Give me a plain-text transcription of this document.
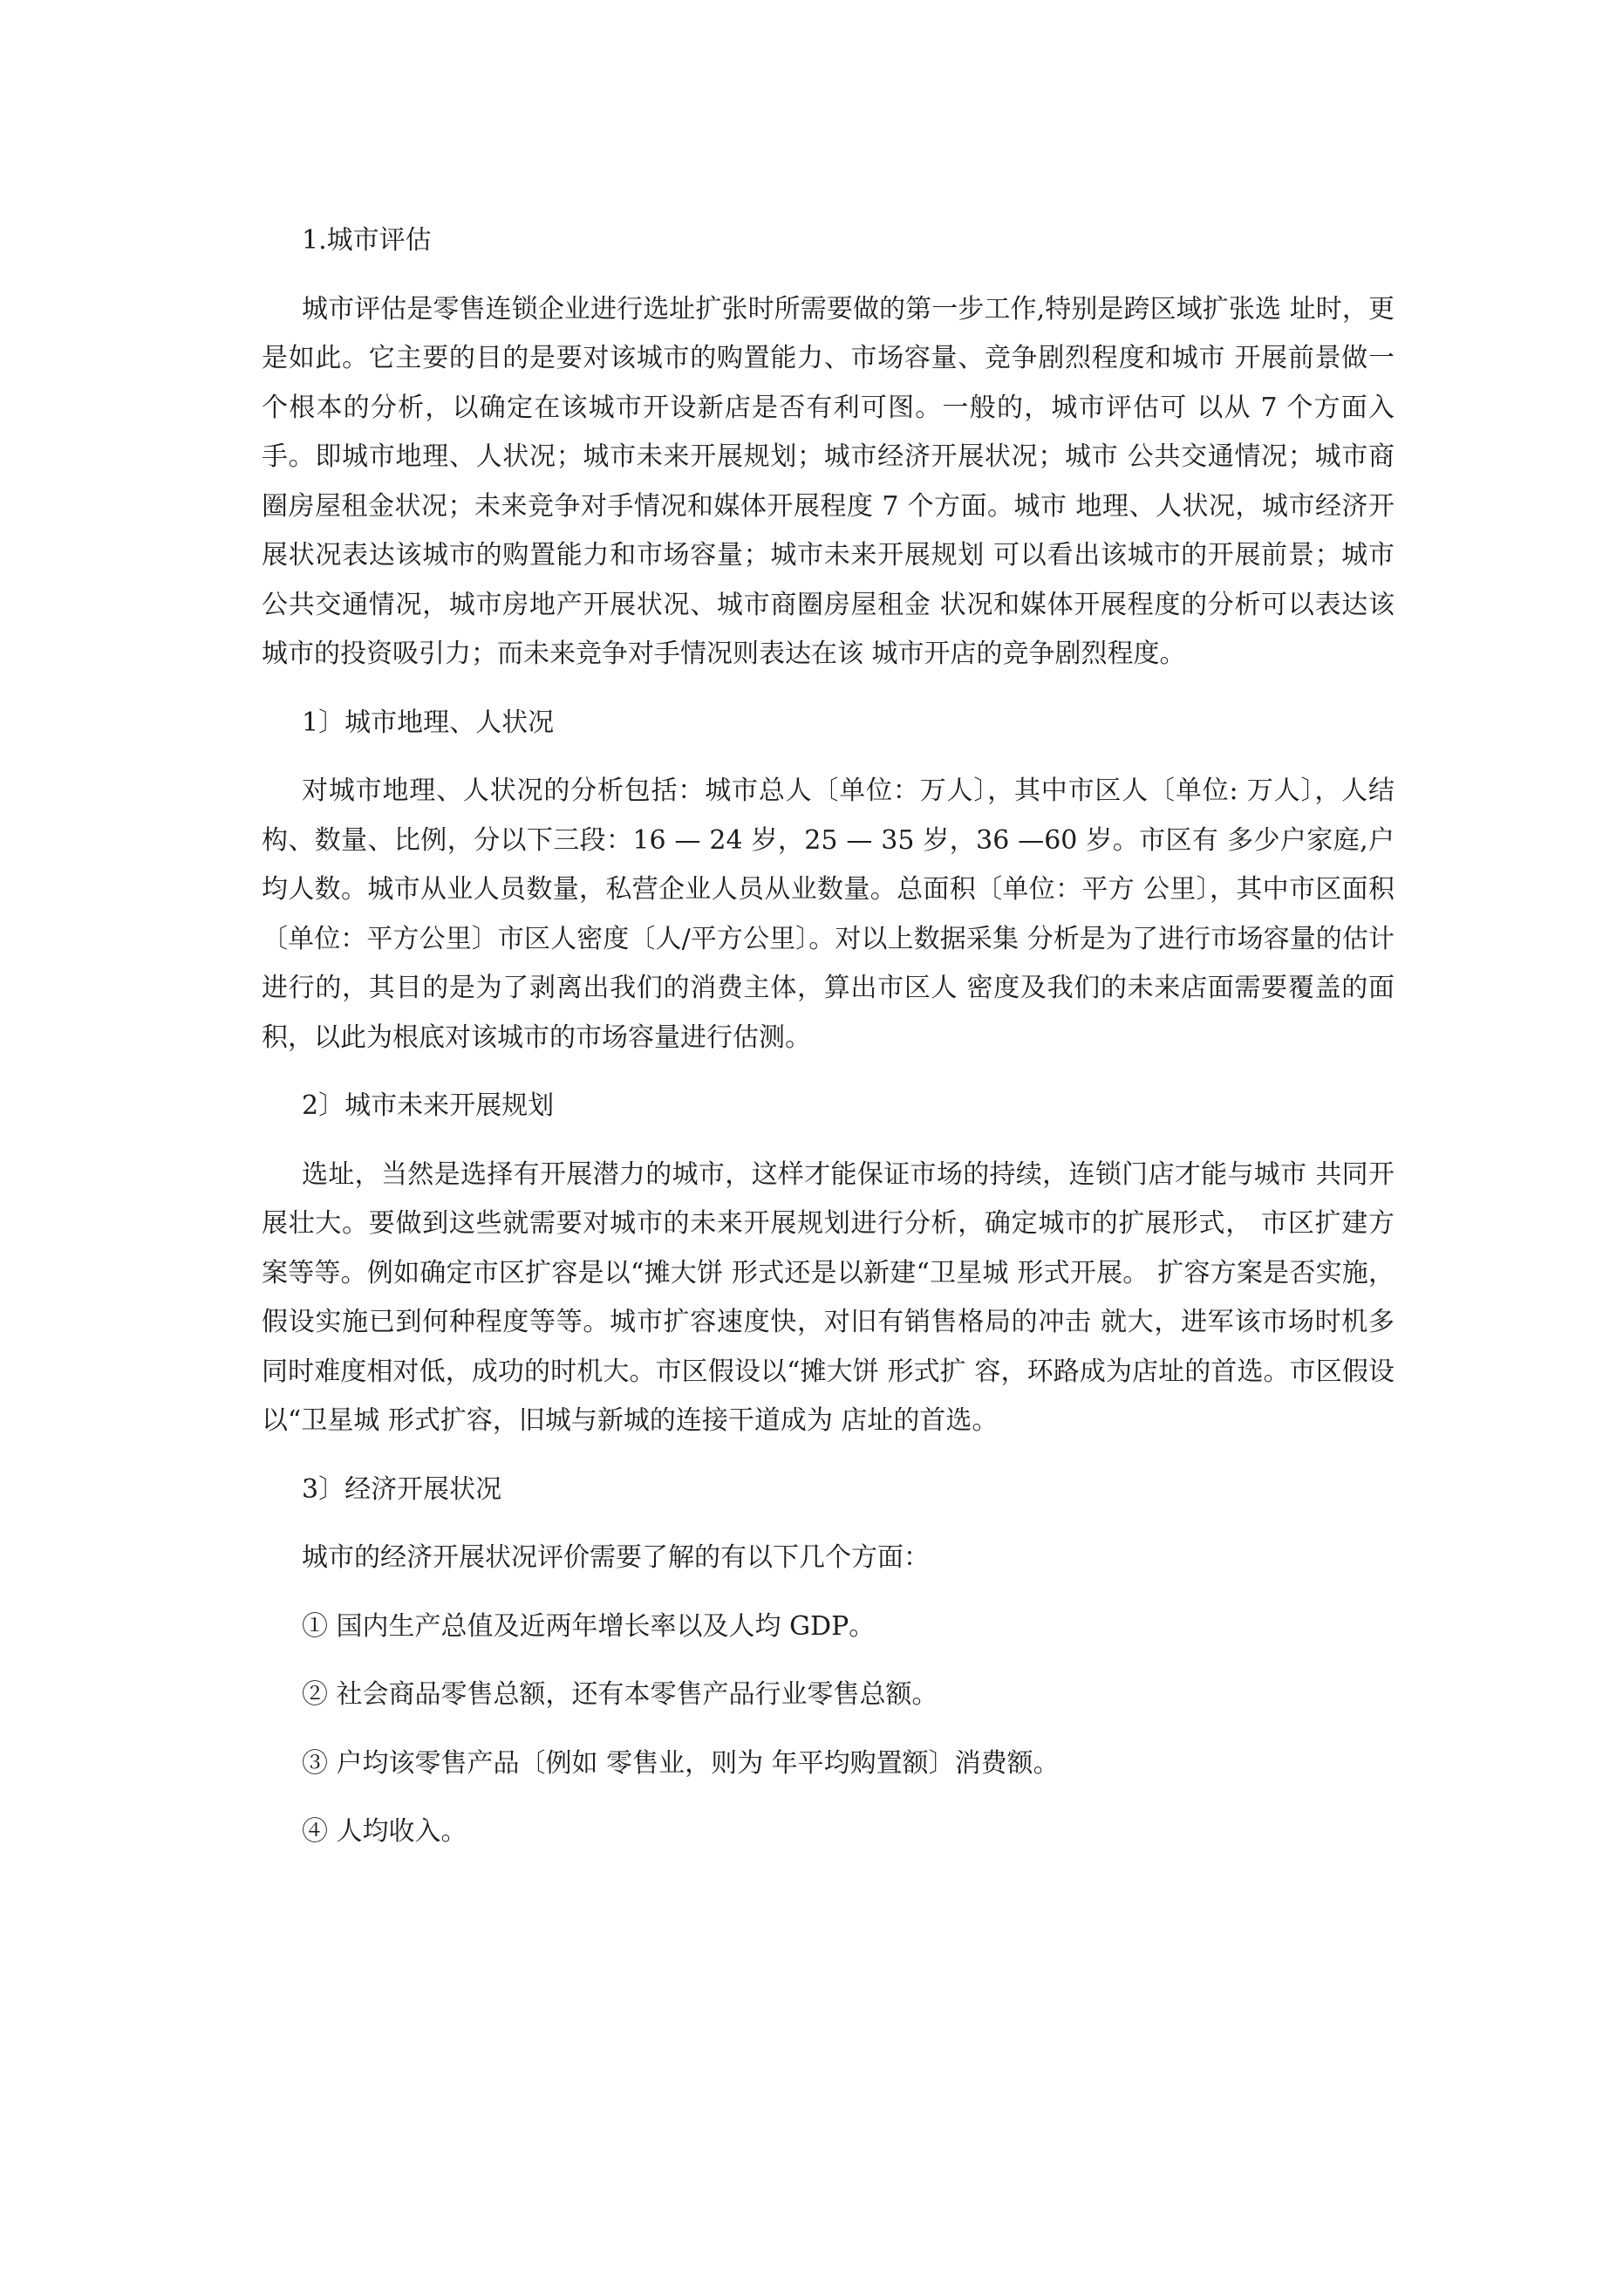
1.城市评估

城市评估是零售连锁企业进行选址扩张时所需要做的第一步工作,特别是跨区域扩张选 址时，更是如此。它主要的目的是要对该城市的购置能力、市场容量、竞争剧烈程度和城市 开展前景做一个根本的分析，以确定在该城市开设新店是否有利可图。一般的，城市评估可 以从 7 个方面入手。即城市地理、人状况；城市未来开展规划；城市经济开展状况；城市 公共交通情况；城市商圈房屋租金状况；未来竞争对手情况和媒体开展程度 7 个方面。城市 地理、人状况，城市经济开展状况表达该城市的购置能力和市场容量；城市未来开展规划 可以看出该城市的开展前景；城市公共交通情况，城市房地产开展状况、城市商圈房屋租金 状况和媒体开展程度的分析可以表达该城市的投资吸引力；而未来竞争对手情况则表达在该 城市开店的竞争剧烈程度。

1〕城市地理、人状况

对城市地理、人状况的分析包括：城市总人〔单位：万人〕，其中市区人〔单位: 万人〕，人结构、数量、比例，分以下三段：16 — 24 岁，25 — 35 岁，36 —60 岁。市区有 多少户家庭,户均人数。城市从业人员数量，私营企业人员从业数量。总面积〔单位：平方 公里〕，其中市区面积〔单位：平方公里〕市区人密度〔人/平方公里〕。对以上数据采集 分析是为了进行市场容量的估计进行的，其目的是为了剥离出我们的消费主体，算出市区人 密度及我们的未来店面需要覆盖的面积，以此为根底对该城市的市场容量进行估测。

2〕城市未来开展规划

选址，当然是选择有开展潜力的城市，这样才能保证市场的持续，连锁门店才能与城市 共同开展壮大。要做到这些就需要对城市的未来开展规划进行分析，确定城市的扩展形式， 市区扩建方案等等。例如确定市区扩容是以“摊大饼 形式还是以新建“卫星城 形式开展。 扩容方案是否实施，假设实施已到何种程度等等。城市扩容速度快，对旧有销售格局的冲击 就大，进军该市场时机多同时难度相对低，成功的时机大。市区假设以“摊大饼 形式扩 容，环路成为店址的首选。市区假设以“卫星城 形式扩容，旧城与新城的连接干道成为 店址的首选。

3〕经济开展状况

城市的经济开展状况评价需要了解的有以下几个方面：

① 国内生产总值及近两年增长率以及人均 GDP。

② 社会商品零售总额，还有本零售产品行业零售总额。

③ 户均该零售产品〔例如 零售业，则为 年平均购置额〕消费额。

④ 人均收入。
